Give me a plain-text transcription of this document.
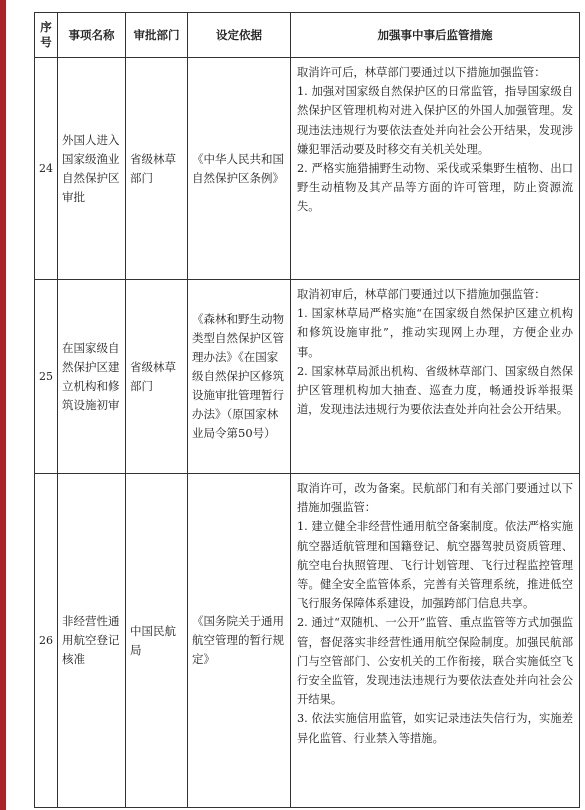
序号	事项名称	审批部门	设定依据	加强事中事后监管措施
24	外国人进入国家级渔业自然保护区审批	省级林草部门	《中华人民共和国自然保护区条例》	取消许可后，林草部门要通过以下措施加强监管：

1. 加强对国家级自然保护区的日常监管，指导国家级自然保护区管理机构对进入保护区的外国人加强管理。发现违法违规行为要依法查处并向社会公开结果，发现涉嫌犯罪活动要及时移交有关机关处理。

2. 严格实施猎捕野生动物、采伐或采集野生植物、出口野生动植物及其产品等方面的许可管理，防止资源流失。

25	在国家级自然保护区建立机构和修筑设施初审	省级林草部门	《森林和野生动物类型自然保护区管理办法》《在国家级自然保护区修筑设施审批管理暂行办法》（原国家林业局令第50号）	取消初审后，林草部门要通过以下措施加强监管：

1. 国家林草局严格实施“在国家级自然保护区建立机构和修筑设施审批”，推动实现网上办理，方便企业办事。

2. 国家林草局派出机构、省级林草部门、国家级自然保护区管理机构加大抽查、巡查力度，畅通投诉举报渠道，发现违法违规行为要依法查处并向社会公开结果。

26	非经营性通用航空登记核准	中国民航局	《国务院关于通用航空管理的暂行规定》	取消许可，改为备案。民航部门和有关部门要通过以下措施加强监管：

1. 建立健全非经营性通用航空备案制度。依法严格实施航空器适航管理和国籍登记、航空器驾驶员资质管理、航空电台执照管理、飞行计划管理、飞行过程监控管理等。健全安全监管体系，完善有关管理系统，推进低空飞行服务保障体系建设，加强跨部门信息共享。

2. 通过“双随机、一公开”监管、重点监管等方式加强监管，督促落实非经营性通用航空保险制度。加强民航部门与空管部门、公安机关的工作衔接，联合实施低空飞行安全监管，发现违法违规行为要依法查处并向社会公开结果。

3. 依法实施信用监管，如实记录违法失信行为，实施差异化监管、行业禁入等措施。
